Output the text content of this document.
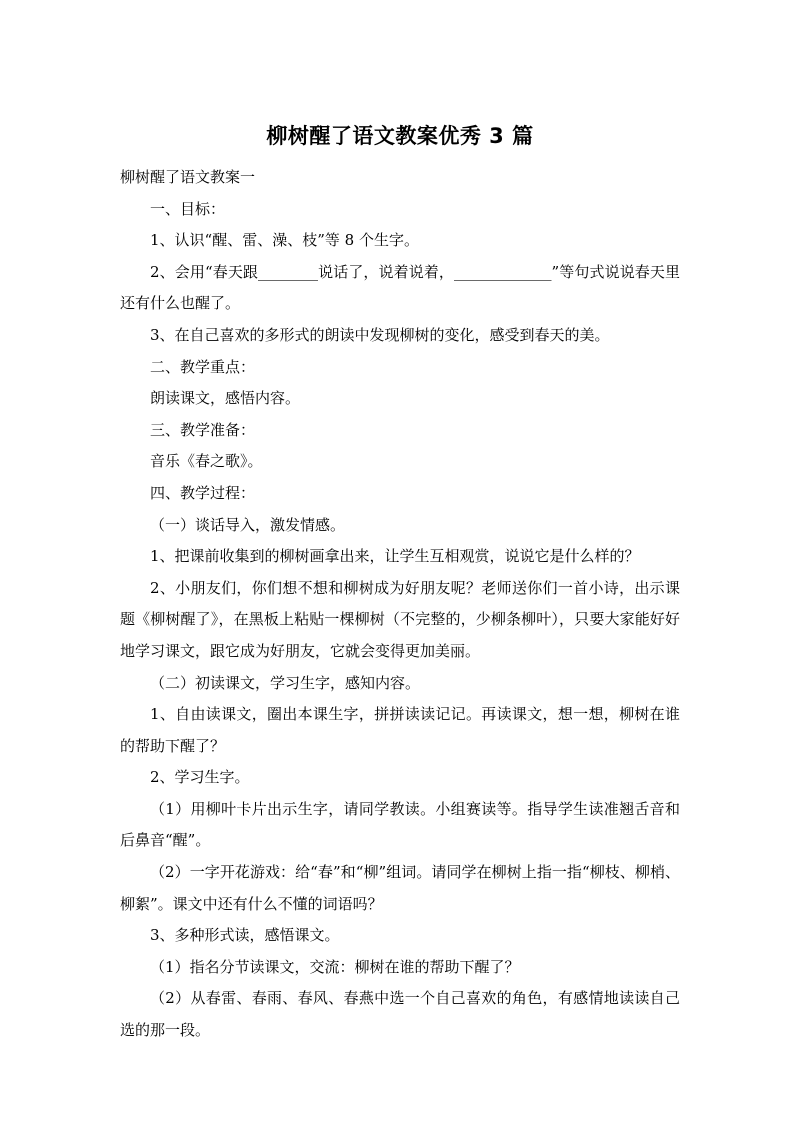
柳树醒了语文教案优秀 3 篇

柳树醒了语文教案一

一、目标：

1、认识“醒、雷、澡、枝”等 8 个生字。

2、会用“春天跟________说话了，说着说着，_____________”等句式说说春天里还有什么也醒了。

3、在自己喜欢的多形式的朗读中发现柳树的变化，感受到春天的美。

二、教学重点：

朗读课文，感悟内容。

三、教学准备：

音乐《春之歌》。

四、教学过程：

（一）谈话导入，激发情感。

1、把课前收集到的柳树画拿出来，让学生互相观赏，说说它是什么样的？

2、小朋友们，你们想不想和柳树成为好朋友呢？老师送你们一首小诗，出示课题《柳树醒了》，在黑板上粘贴一棵柳树（不完整的，少柳条柳叶），只要大家能好好地学习课文，跟它成为好朋友，它就会变得更加美丽。

（二）初读课文，学习生字，感知内容。

1、自由读课文，圈出本课生字，拼拼读读记记。再读课文，想一想，柳树在谁的帮助下醒了？

2、学习生字。

（1）用柳叶卡片出示生字，请同学教读。小组赛读等。指导学生读准翘舌音和后鼻音“醒”。

（2）一字开花游戏：给“春”和“柳”组词。请同学在柳树上指一指“柳枝、柳梢、柳絮”。课文中还有什么不懂的词语吗？

3、多种形式读，感悟课文。

（1）指名分节读课文，交流：柳树在谁的帮助下醒了？

（2）从春雷、春雨、春风、春燕中选一个自己喜欢的角色，有感情地读读自己选的那一段。
